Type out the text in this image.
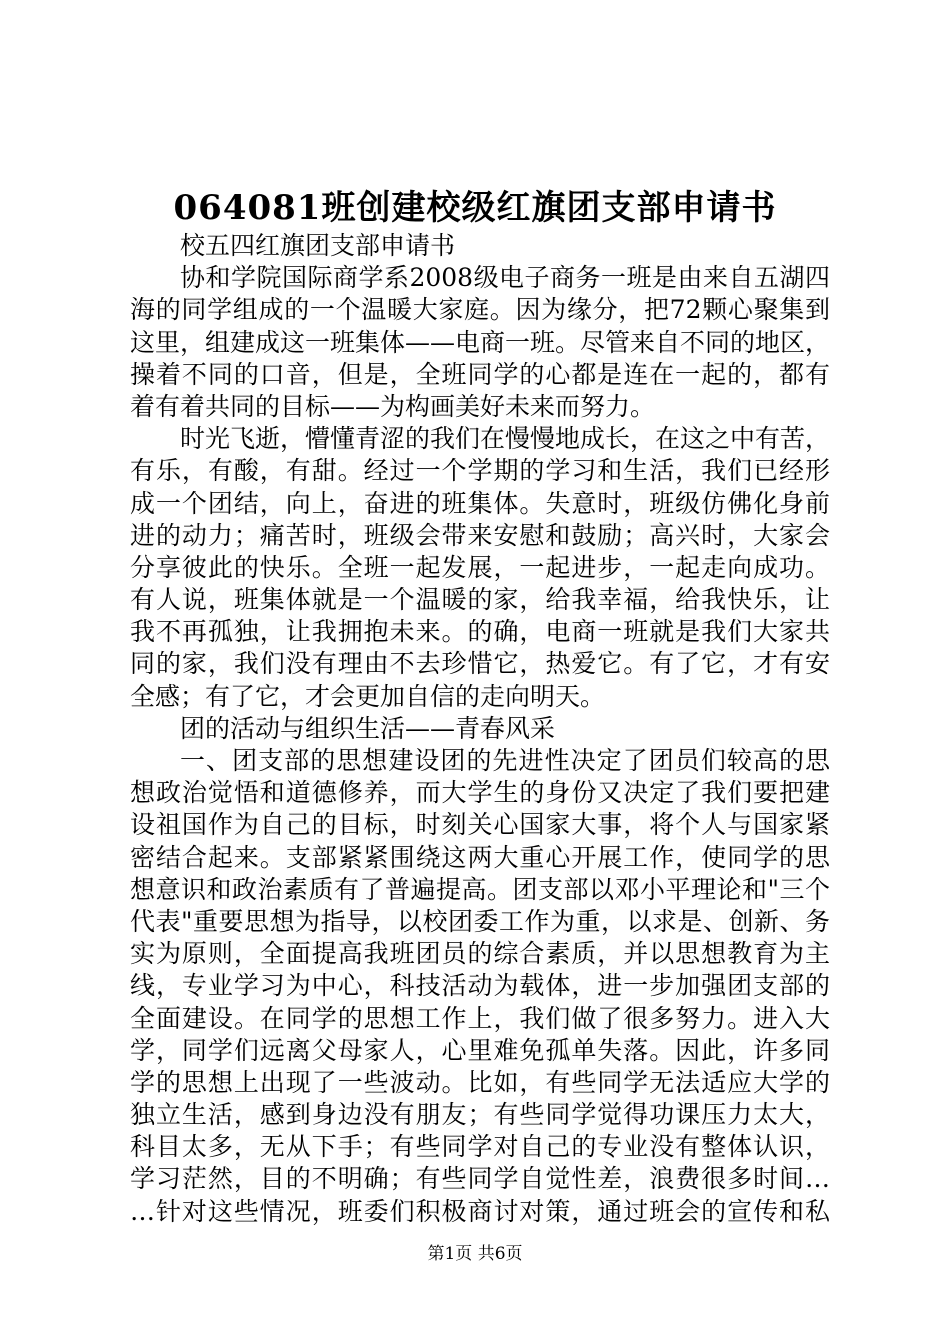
064081班创建校级红旗团支部申请书
校五四红旗团支部申请书
协和学院国际商学系2008级电子商务一班是由来自五湖四
海的同学组成的一个温暖大家庭。因为缘分，把72颗心聚集到
这里，组建成这一班集体——电商一班。尽管来自不同的地区，
操着不同的口音，但是，全班同学的心都是连在一起的，都有
着有着共同的目标——为构画美好未来而努力。
时光飞逝，懵懂青涩的我们在慢慢地成长，在这之中有苦，
有乐，有酸，有甜。经过一个学期的学习和生活，我们已经形
成一个团结，向上，奋进的班集体。失意时，班级仿佛化身前
进的动力；痛苦时，班级会带来安慰和鼓励；高兴时，大家会
分享彼此的快乐。全班一起发展，一起进步，一起走向成功。
有人说，班集体就是一个温暖的家，给我幸福，给我快乐，让
我不再孤独，让我拥抱未来。的确，电商一班就是我们大家共
同的家，我们没有理由不去珍惜它，热爱它。有了它，才有安
全感；有了它，才会更加自信的走向明天。
团的活动与组织生活——青春风采
一、团支部的思想建设团的先进性决定了团员们较高的思
想政治觉悟和道德修养，而大学生的身份又决定了我们要把建
设祖国作为自己的目标，时刻关心国家大事，将个人与国家紧
密结合起来。支部紧紧围绕这两大重心开展工作，使同学的思
想意识和政治素质有了普遍提高。团支部以邓小平理论和"三个
代表"重要思想为指导，以校团委工作为重，以求是、创新、务
实为原则，全面提高我班团员的综合素质，并以思想教育为主
线，专业学习为中心，科技活动为载体，进一步加强团支部的
全面建设。在同学的思想工作上，我们做了很多努力。进入大
学，同学们远离父母家人，心里难免孤单失落。因此，许多同
学的思想上出现了一些波动。比如，有些同学无法适应大学的
独立生活，感到身边没有朋友；有些同学觉得功课压力太大，
科目太多，无从下手；有些同学对自己的专业没有整体认识，
学习茫然，目的不明确；有些同学自觉性差，浪费很多时间…
…针对这些情况，班委们积极商讨对策，通过班会的宣传和私
第1页 共6页
